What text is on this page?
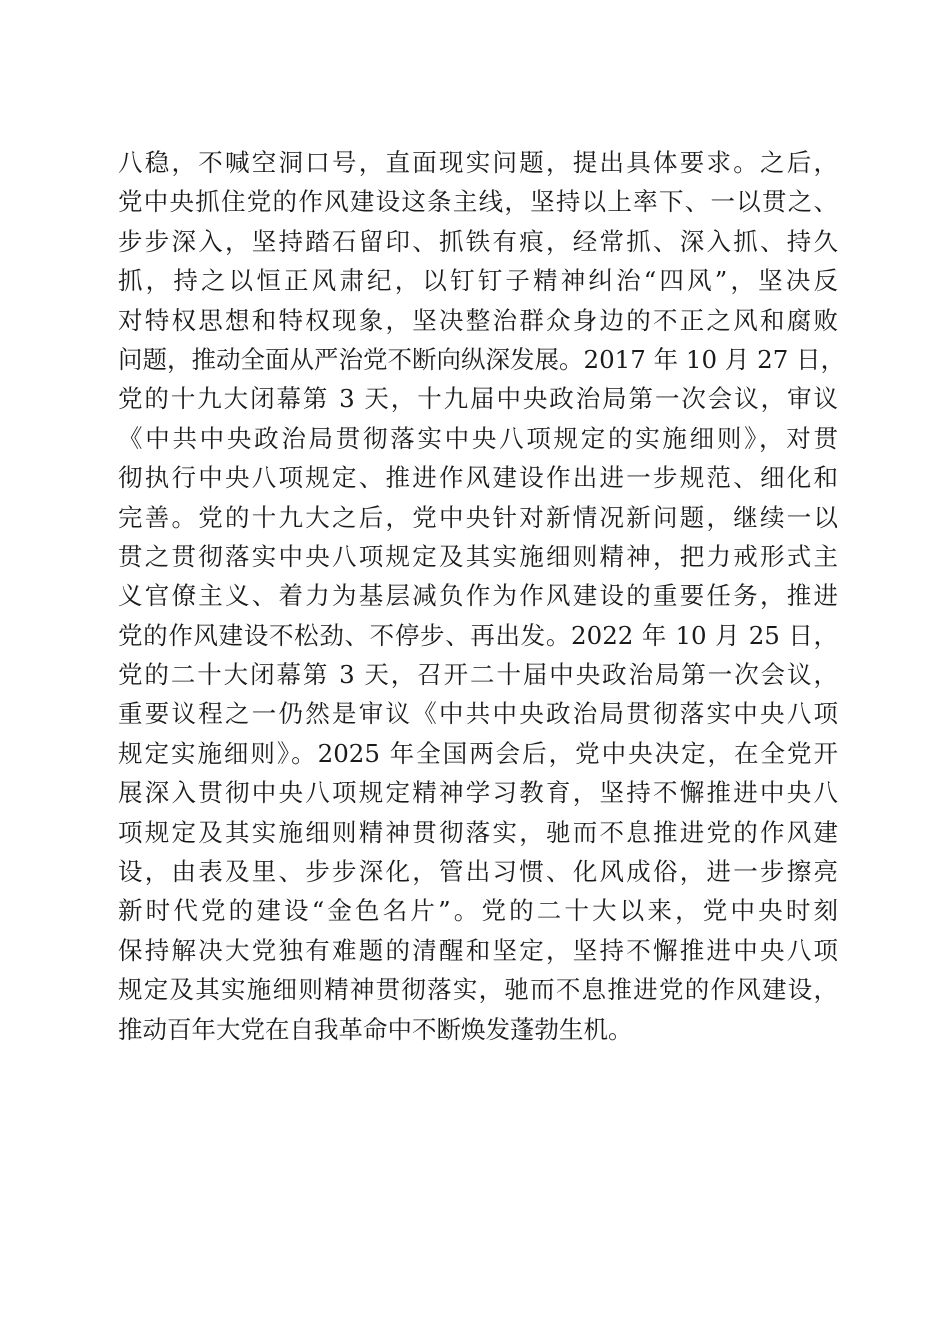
八稳，不喊空洞口号，直面现实问题，提出具体要求。之后，
党中央抓住党的作风建设这条主线，坚持以上率下、一以贯之、
步步深入，坚持踏石留印、抓铁有痕，经常抓、深入抓、持久
抓，持之以恒正风肃纪，以钉钉子精神纠治“四风”，坚决反
对特权思想和特权现象，坚决整治群众身边的不正之风和腐败
问题，推动全面从严治党不断向纵深发展。2017 年 10 月 27 日，
党的十九大闭幕第 3 天，十九届中央政治局第一次会议，审议
《中共中央政治局贯彻落实中央八项规定的实施细则》，对贯
彻执行中央八项规定、推进作风建设作出进一步规范、细化和
完善。党的十九大之后，党中央针对新情况新问题，继续一以
贯之贯彻落实中央八项规定及其实施细则精神，把力戒形式主
义官僚主义、着力为基层减负作为作风建设的重要任务，推进
党的作风建设不松劲、不停步、再出发。2022 年 10 月 25 日，
党的二十大闭幕第 3 天，召开二十届中央政治局第一次会议，
重要议程之一仍然是审议《中共中央政治局贯彻落实中央八项
规定实施细则》。2025 年全国两会后，党中央决定，在全党开
展深入贯彻中央八项规定精神学习教育，坚持不懈推进中央八
项规定及其实施细则精神贯彻落实，驰而不息推进党的作风建
设，由表及里、步步深化，管出习惯、化风成俗，进一步擦亮
新时代党的建设“金色名片”。党的二十大以来，党中央时刻
保持解决大党独有难题的清醒和坚定，坚持不懈推进中央八项
规定及其实施细则精神贯彻落实，驰而不息推进党的作风建设，
推动百年大党在自我革命中不断焕发蓬勃生机。
